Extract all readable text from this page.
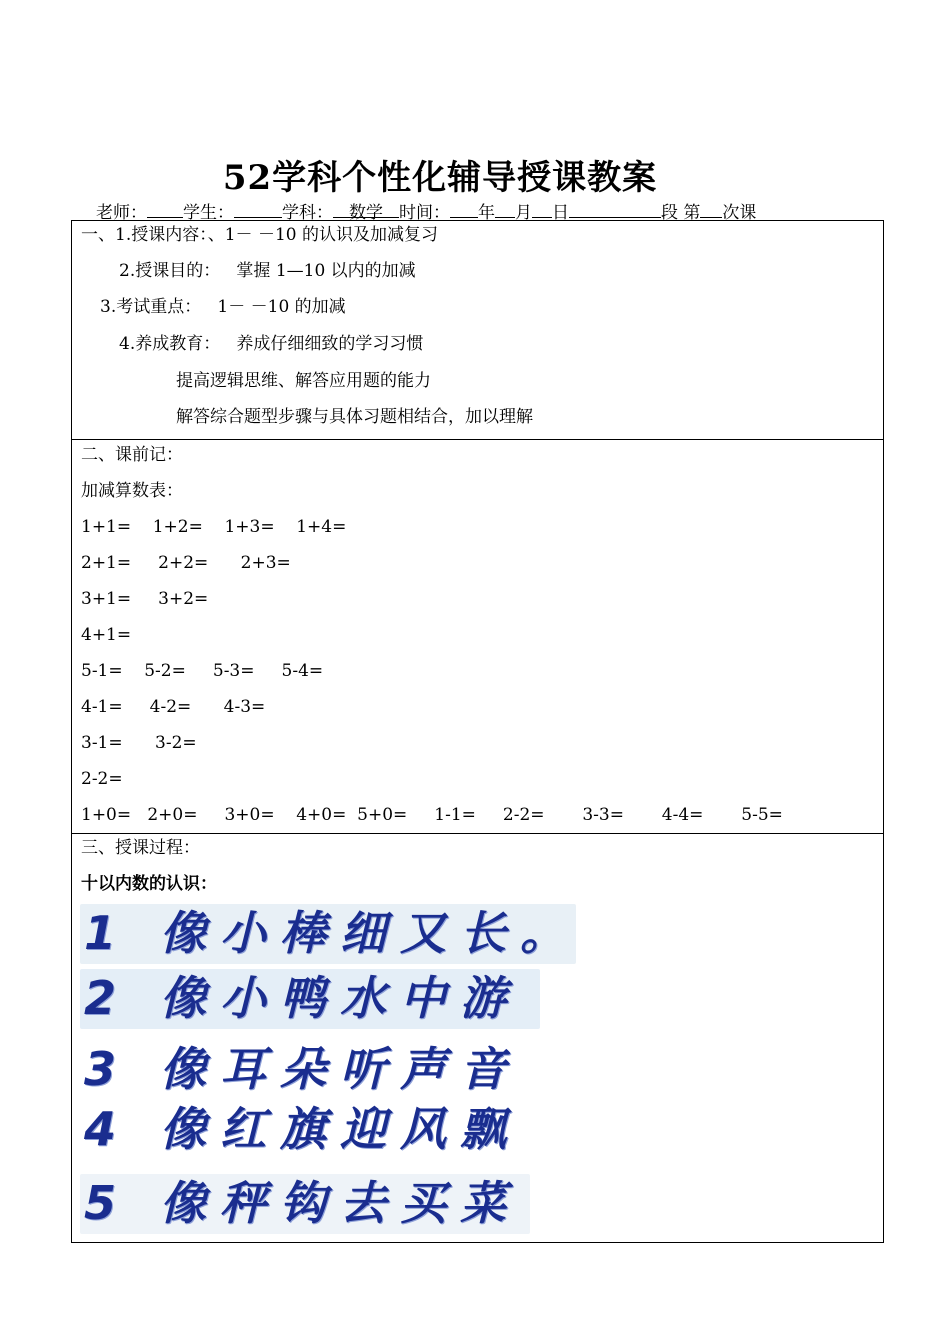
52学科个性化辅导授课教案
老师： 学生：	学科： 数学 时间： 年 月 日	段 第 次课
一、1.授课内容：、1－ －10 的认识及加减复习
2.授课目的：   掌握 1—10 以内的加减
3.考试重点：   1－ －10 的加减
4.养成教育：   养成仔细细致的学习习惯
提高逻辑思维、解答应用题的能力
解答综合题型步骤与具体习题相结合，加以理解
二、课前记：
加减算数表：
1+1=    1+2=    1+3=    1+4=
2+1=     2+2=      2+3=
3+1=     3+2=
4+1=
5-1=    5-2=     5-3=     5-4=
4-1=     4-2=      4-3=
3-1=      3-2=
2-2=
1+0=   2+0=     3+0=    4+0=  5+0=     1-1=     2-2=       3-3=       4-4=       5-5=
三、授课过程：
十以内数的认识：
1 像小棒细又长。
2 像小鸭水中游
3 像耳朵听声音
4 像红旗迎风飘
5 像秤钩去买菜
